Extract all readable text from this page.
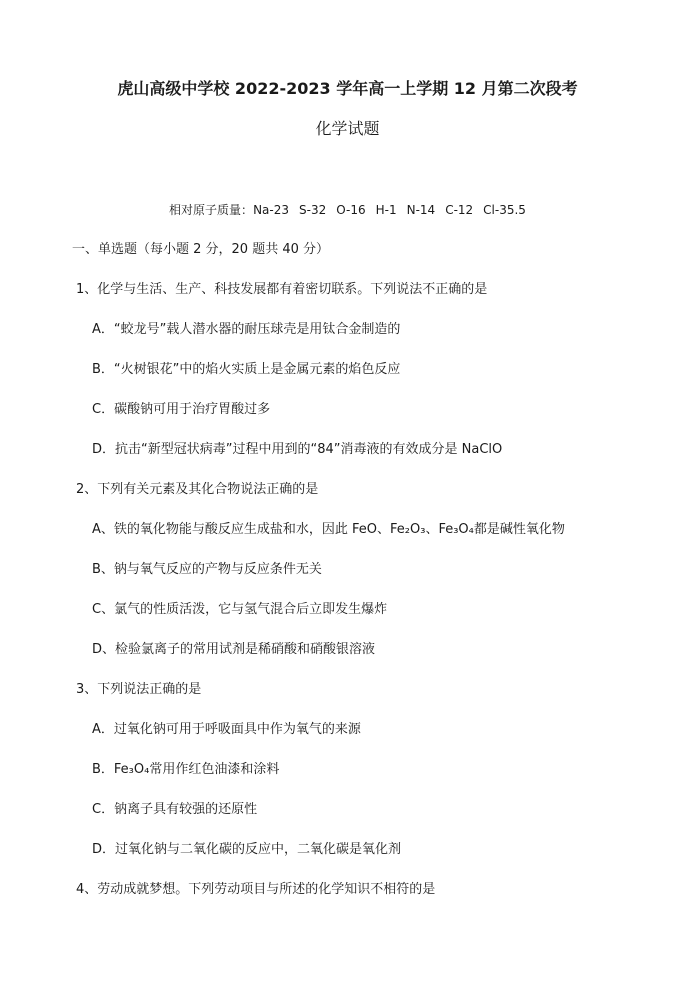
虎山高级中学校 2022-2023 学年高一上学期 12 月第二次段考
化学试题
相对原子质量：Na-23 S-32 O-16 H-1 N-14 C-12 Cl-35.5
一、单选题（每小题 2 分，20 题共 40 分）
1、化学与生活、生产、科技发展都有着密切联系。下列说法不正确的是
A．“蛟龙号”载人潜水器的耐压球壳是用钛合金制造的
B．“火树银花”中的焰火实质上是金属元素的焰色反应
C．碳酸钠可用于治疗胃酸过多
D．抗击“新型冠状病毒”过程中用到的“84”消毒液的有效成分是 NaClO
2、下列有关元素及其化合物说法正确的是
A、铁的氧化物能与酸反应生成盐和水，因此 FeO、Fe₂O₃、Fe₃O₄都是碱性氧化物
B、钠与氧气反应的产物与反应条件无关
C、氯气的性质活泼，它与氢气混合后立即发生爆炸
D、检验氯离子的常用试剂是稀硝酸和硝酸银溶液
3、下列说法正确的是
A．过氧化钠可用于呼吸面具中作为氧气的来源
B．Fe₃O₄常用作红色油漆和涂料
C．钠离子具有较强的还原性
D．过氧化钠与二氧化碳的反应中，二氧化碳是氧化剂
4、劳动成就梦想。下列劳动项目与所述的化学知识不相符的是
